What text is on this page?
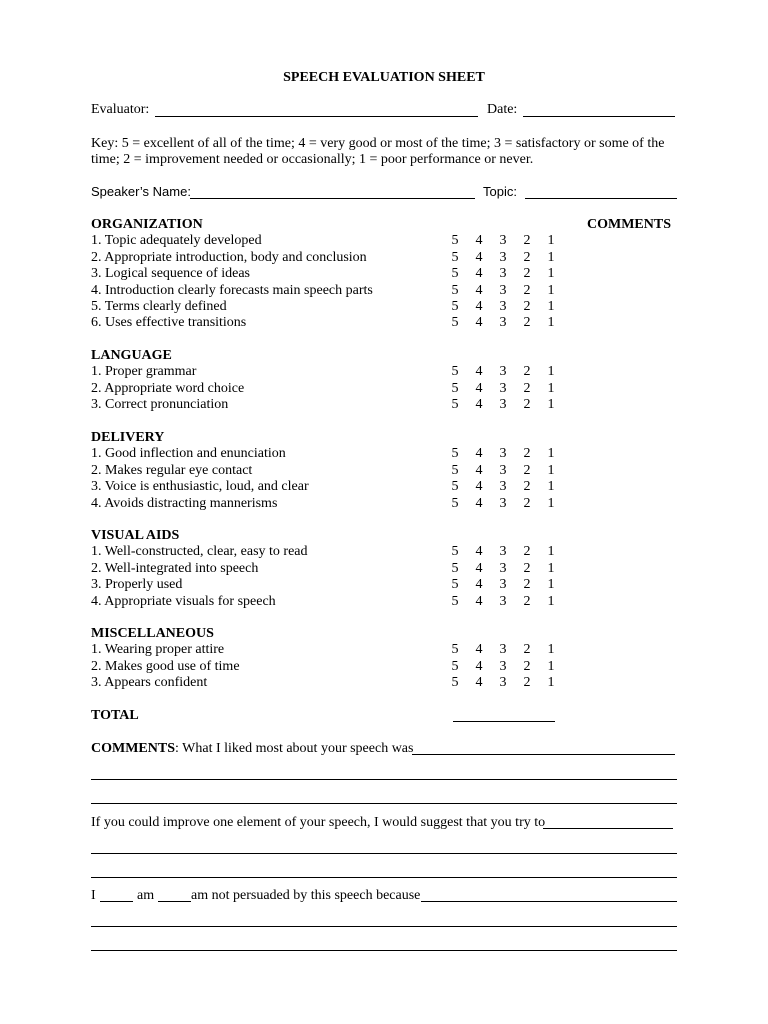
SPEECH EVALUATION SHEET
Evaluator:	Date:
Key: 5 = excellent of all of the time; 4 = very good or most of the time; 3 = satisfactory or some of the
time; 2 = improvement needed or occasionally; 1 = poor performance or never.
Speaker’s Name:	Topic:
COMMENTS
ORGANIZATION
1. Topic adequately developed	5 4 3 2 1
2. Appropriate introduction, body and conclusion	5 4 3 2 1
3. Logical sequence of ideas	5 4 3 2 1
4. Introduction clearly forecasts main speech parts	5 4 3 2 1
5. Terms clearly defined	5 4 3 2 1
6. Uses effective transitions	5 4 3 2 1
LANGUAGE
1. Proper grammar	5 4 3 2 1
2. Appropriate word choice	5 4 3 2 1
3. Correct pronunciation	5 4 3 2 1
DELIVERY
1. Good inflection and enunciation	5 4 3 2 1
2. Makes regular eye contact	5 4 3 2 1
3. Voice is enthusiastic, loud, and clear	5 4 3 2 1
4. Avoids distracting mannerisms	5 4 3 2 1
VISUAL AIDS
1. Well-constructed, clear, easy to read	5 4 3 2 1
2. Well-integrated into speech	5 4 3 2 1
3. Properly used	5 4 3 2 1
4. Appropriate visuals for speech	5 4 3 2 1
MISCELLANEOUS
1. Wearing proper attire	5 4 3 2 1
2. Makes good use of time	5 4 3 2 1
3. Appears confident	5 4 3 2 1
TOTAL
COMMENTS: What I liked most about your speech was
If you could improve one element of your speech, I would suggest that you try to
I	am	am not persuaded by this speech because
